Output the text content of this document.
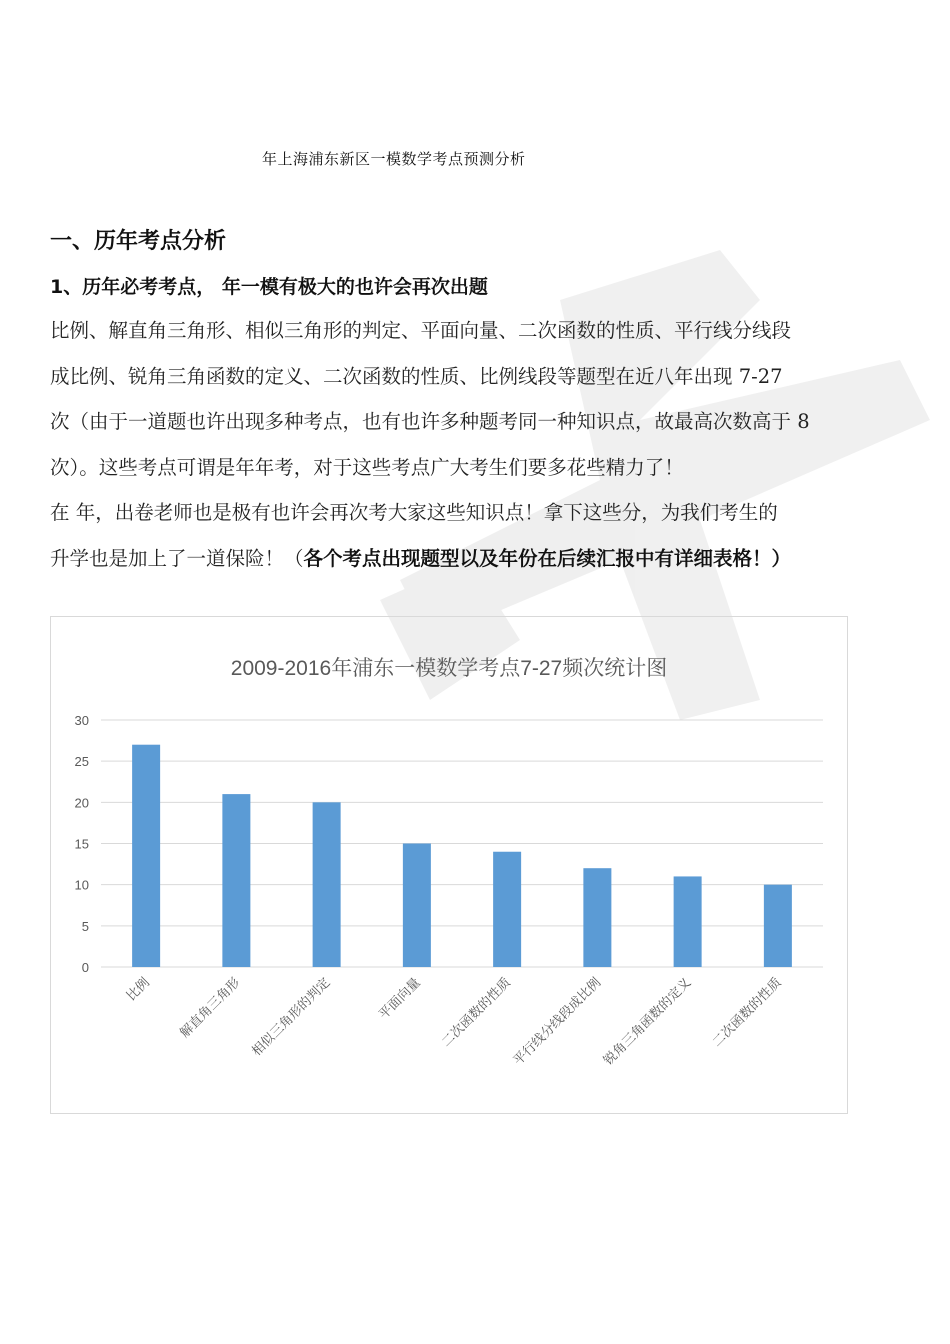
年上海浦东新区一模数学考点预测分析
一、历年考点分析
1、历年必考考点， 年一模有极大的也许会再次出题

比例、解直角三角形、相似三角形的判定、平面向量、二次函数的性质、平行线分线段

成比例、锐角三角函数的定义、二次函数的性质、比例线段等题型在近八年出现 7-27

次（由于一道题也许出现多种考点，也有也许多种题考同一种知识点，故最高次数高于 8

次）。这些考点可谓是年年考，对于这些考点广大考生们要多花些精力了！

在 年，出卷老师也是极有也许会再次考大家这些知识点！拿下这些分，为我们考生的

升学也是加上了一道保险！（各个考点出现题型以及年份在后续汇报中有详细表格！）

2009-2016年浦东一模数学考点7-27频次统计图
0
5
10
15
20
25
30
比例 解直角三角形 相似三角形的判定	平面向量 二次函数的性质
平行线分线段成比例
锐角三角函数的定义 二次函数的性质
